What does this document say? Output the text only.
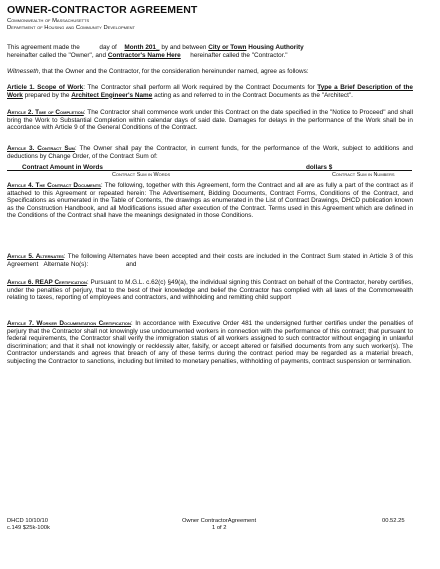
OWNER-CONTRACTOR AGREEMENT
Commonwealth of Massachusetts
Department of Housing and Community Development
This agreement made the	day of Month 201_ by and between City or Town Housing Authority
hereinafter called the "Owner", and Contractor's Name Here hereinafter called the "Contractor."
Witnesseth, that the Owner and the Contractor, for the consideration hereinunder named, agree as follows:
Article 1. Scope of Work: The Contractor shall perform all Work required by the Contract Documents for Type a Brief Description of the Work prepared by the Architect Engineer's Name acting as and referred to in the Contract Documents as the "Architect".
Article 2. Time of Completion: The Contractor shall commence work under this Contract on the date specified in the "Notice to Proceed" and shall bring the Work to Substantial Completion within calendar days of said date. Damages for delays in the performance of the Work shall be in accordance with Article 9 of the General Conditions of the Contract.
Article 3. Contract Sum: The Owner shall pay the Contractor, in current funds, for the performance of the Work, subject to additions and deductions by Change Order, of the Contract Sum of:
Contract Amount in Words	dollars $
Contract Sum in Words	Contract Sum in Numbers
Article 4. The Contract Documents: The following, together with this Agreement, form the Contract and all are as fully a part of the contract as if attached to this Agreement or repeated herein: The Advertisement, Bidding Documents, Contract Forms, Conditions of the Contract, and Specifications as enumerated in the Table of Contents, the drawings as enumerated in the List of Contract Drawings, DHCD publication known as the Construction Handbook, and all Modifications issued after execution of the Contract. Terms used in this Agreement which are defined in the Conditions of the Contract shall have the meanings designated in those Conditions.
Article 5. Alternates: The following Alternates have been accepted and their costs are included in the Contract Sum stated in Article 3 of this Agreement Alternate No(s):	and
Article 6. REAP Certification: Pursuant to M.G.L. c.62(c) §49(a), the individual signing this Contract on behalf of the Contractor, hereby certifies, under the penalties of perjury, that to the best of their knowledge and belief the Contractor has complied with all laws of the Commonwealth relating to taxes, reporting of employees and contractors, and withholding and remitting child support
Article 7. Worker Documentation Certification: In accordance with Executive Order 481 the undersigned further certifies under the penalties of perjury that the Contractor shall not knowingly use undocumented workers in connection with the performance of this contract; that pursuant to federal requirements, the Contractor shall verify the immigration status of all workers assigned to such contractor without engaging in unlawful discrimination; and that it shall not knowingly or recklessly alter, falsify, or accept altered or falsified documents from any such worker(s). The Contractor understands and agrees that breach of any of these terms during the contract period may be regarded as a material breach, subjecting the Contractor to sanctions, including but limited to monetary penalties, withholding of payments, contract suspension or termination.
DHCD 10/10/10
c.149 $25k-100k
Owner ContractorAgreement
1 of 2
00.52.25
